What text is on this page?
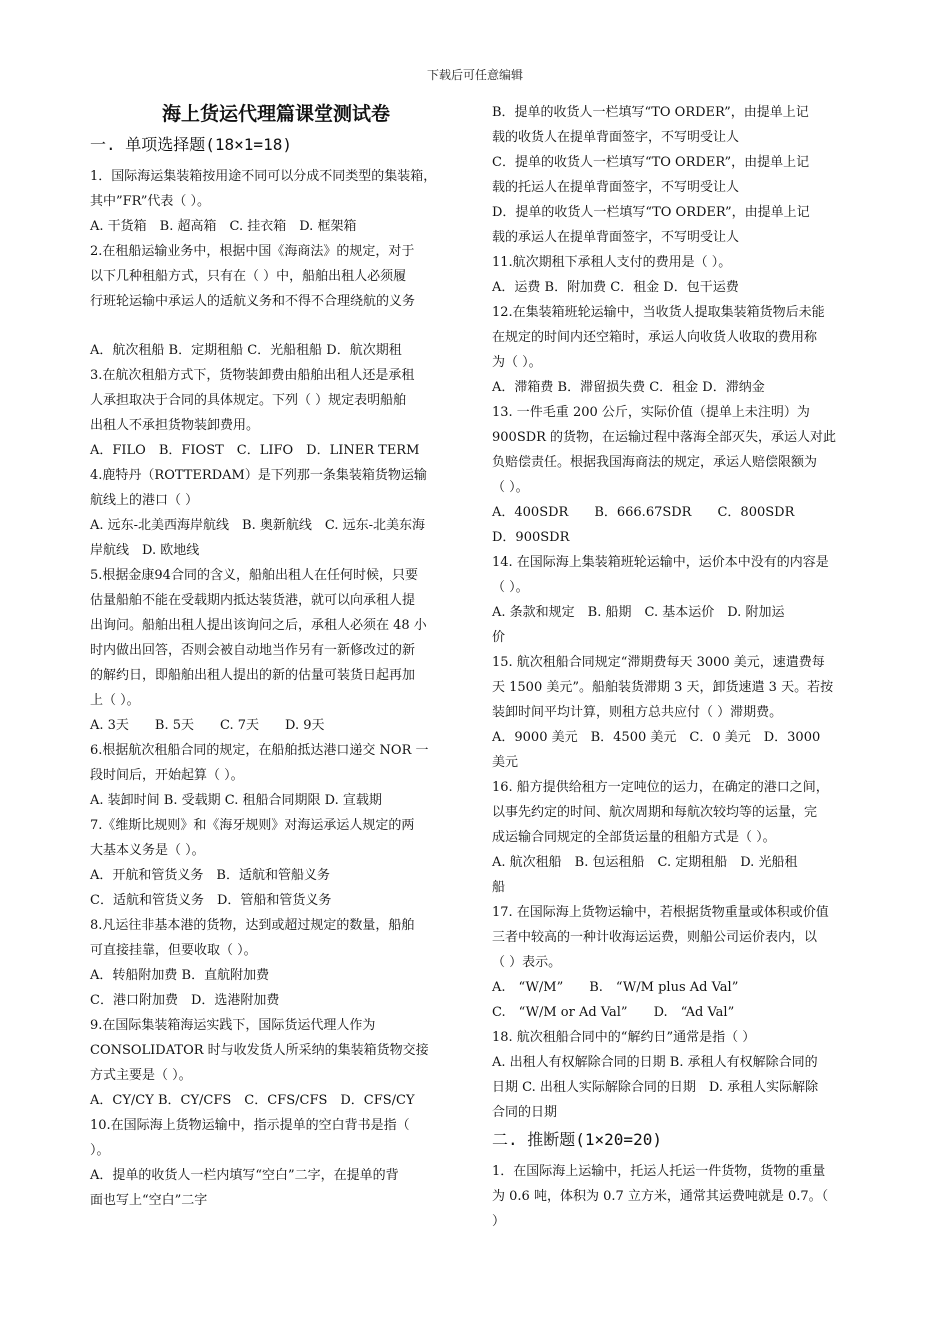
下载后可任意编辑
海上货运代理篇课堂测试卷
一. 单项选择题(18×1=18)
1．国际海运集装箱按用途不同可以分成不同类型的集装箱，
其中”FR”代表（ ）。
A. 干货箱　B. 超高箱　C. 挂衣箱　D. 框架箱
2.在租船运输业务中，根据中国《海商法》的规定，对于
以下几种租船方式，只有在（ ）中，船舶出租人必须履
行班轮运输中承运人的适航义务和不得不合理绕航的义务
A．航次租船 B．定期租船 C．光船租船 D．航次期租
3.在航次租船方式下，货物装卸费由船舶出租人还是承租
人承担取决于合同的具体规定。下列（ ）规定表明船舶
出租人不承担货物装卸费用。
A．FILO　B．FIOST　C．LIFO　D．LINER TERM
4.鹿特丹（ROTTERDAM）是下列那一条集装箱货物运输
航线上的港口（ ）
A. 远东-北美西海岸航线　B. 奥新航线　C. 远东-北美东海
岸航线　D. 欧地线
5.根据金康94合同的含义，船舶出租人在任何时候，只要
估量船舶不能在受载期内抵达装货港，就可以向承租人提
出询问。船舶出租人提出该询问之后，承租人必须在 48 小
时内做出回答，否则会被自动地当作另有一新修改过的新
的解约日，即船舶出租人提出的新的估量可装货日起再加
上（ ）。
A. 3天　　B. 5天　　C. 7天　　D. 9天
6.根据航次租船合同的规定，在船舶抵达港口递交 NOR 一
段时间后，开始起算（ ）。
A. 装卸时间 B. 受载期 C. 租船合同期限 D. 宣载期
7.《维斯比规则》和《海牙规则》对海运承运人规定的两
大基本义务是（ ）。
A．开航和管货义务　B．适航和管船义务
C．适航和管货义务　D．管船和管货义务
8.凡运往非基本港的货物，达到或超过规定的数量，船舶
可直接挂靠，但要收取（ ）。
A．转船附加费 B．直航附加费
C．港口附加费　D．选港附加费
9.在国际集装箱海运实践下，国际货运代理人作为
CONSOLIDATOR 时与收发货人所采纳的集装箱货物交接
方式主要是（ ）。
A．CY/CY B．CY/CFS　C．CFS/CFS　D．CFS/CY
10.在国际海上货物运输中，指示提单的空白背书是指（
）。
A．提单的收货人一栏内填写“空白”二字，在提单的背
面也写上“空白”二字
B．提单的收货人一栏填写“TO ORDER”，由提单上记
载的收货人在提单背面签字，不写明受让人
C．提单的收货人一栏填写“TO ORDER”，由提单上记
载的托运人在提单背面签字，不写明受让人
D．提单的收货人一栏填写“TO ORDER”，由提单上记
载的承运人在提单背面签字，不写明受让人
11.航次期租下承租人支付的费用是（ ）。
A．运费 B．附加费 C．租金 D．包干运费
12.在集装箱班轮运输中，当收货人提取集装箱货物后未能
在规定的时间内还空箱时，承运人向收货人收取的费用称
为（ ）。
A．滞箱费 B．滞留损失费 C．租金 D．滞纳金
13. 一件毛重 200 公斤，实际价值（提单上未注明）为
900SDR 的货物，在运输过程中落海全部灭失，承运人对此
负赔偿责任。根据我国海商法的规定，承运人赔偿限额为
（ ）。
A．400SDR　　B．666.67SDR　　C．800SDR
D．900SDR
14. 在国际海上集装箱班轮运输中，运价本中没有的内容是
（ ）。
A. 条款和规定　B. 船期　C. 基本运价　D. 附加运
价
15. 航次租船合同规定“滞期费每天 3000 美元，速遣费每
天 1500 美元”。船舶装货滞期 3 天，卸货速遣 3 天。若按
装卸时间平均计算，则租方总共应付（ ）滞期费。
A．9000 美元　B．4500 美元　C．0 美元　D．3000
美元
16. 船方提供给租方一定吨位的运力，在确定的港口之间，
以事先约定的时间、航次周期和每航次较均等的运量，完
成运输合同规定的全部货运量的租船方式是（ ）。
A. 航次租船　B. 包运租船　C. 定期租船　D. 光船租
船
17. 在国际海上货物运输中，若根据货物重量或体积或价值
三者中较高的一种计收海运运费，则船公司运价表内，以
（ ）表示。
A.　“W/M”　　B.　“W/M plus Ad Val”
C.　“W/M or Ad Val”　　D.　“Ad Val”
18. 航次租船合同中的“解约日”通常是指（ ）
A. 出租人有权解除合同的日期 B. 承租人有权解除合同的
日期 C. 出租人实际解除合同的日期　D. 承租人实际解除
合同的日期
二. 推断题(1×20=20)
1．在国际海上运输中，托运人托运一件货物，货物的重量
为 0.6 吨，体积为 0.7 立方米，通常其运费吨就是 0.7。（
）
